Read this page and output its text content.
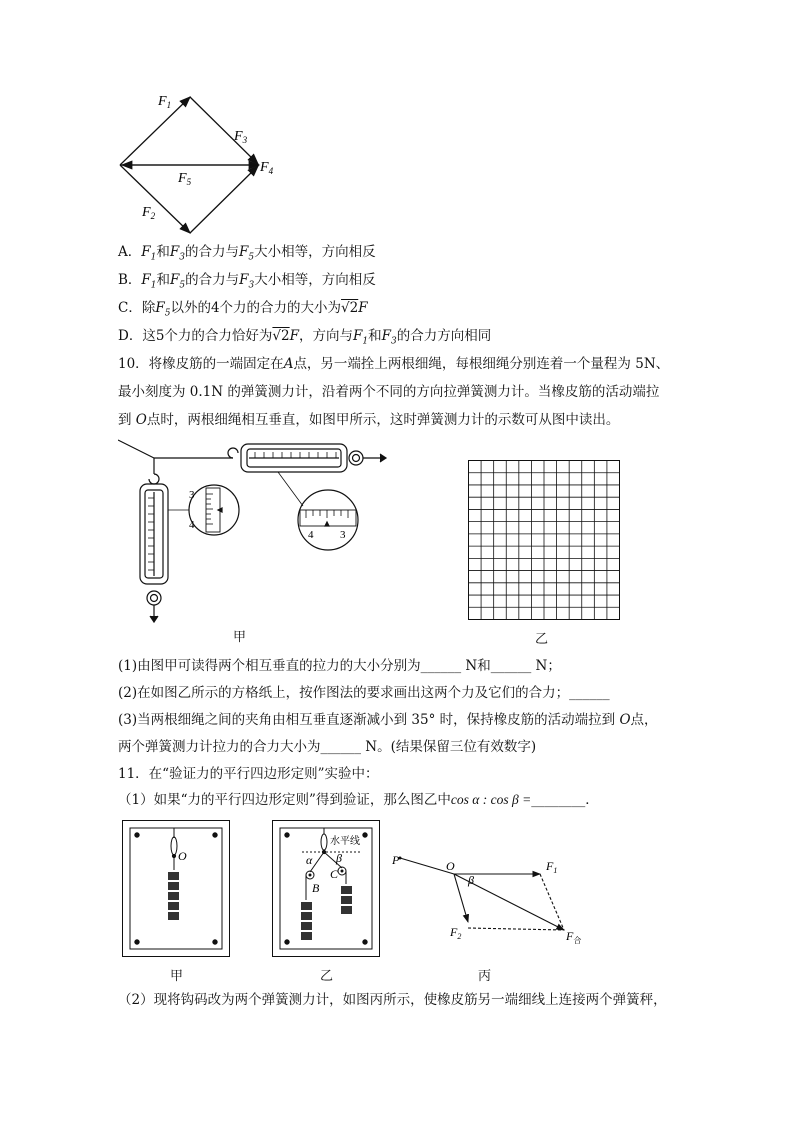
$F_1$
$F_3$
$F_4$
$F_5$
$F_2$
A．$F_1$和$F_3$的合力与$F_5$大小相等，方向相反
B．$F_1$和$F_5$的合力与$F_3$大小相等，方向相反
C．除$F_5$以外的4个力的合力的大小为√2F
D．这5个力的合力恰好为√2F，方向与$F_1$和$F_3$的合力方向相同
10．将橡皮筋的一端固定在A点，另一端拴上两根细绳，每根细绳分别连着一个量程为 5N、
最小刻度为 0.1N 的弹簧测力计，沿着两个不同的方向拉弹簧测力计。当橡皮筋的活动端拉
到 O点时，两根细绳相互垂直，如图甲所示，这时弹簧测力计的示数可从图中读出。
3
4
4 3
甲	乙
(1)由图甲可读得两个相互垂直的拉力的大小分别为______ N和______ N；
(2)在如图乙所示的方格纸上，按作图法的要求画出这两个力及它们的合力；______
(3)当两根细绳之间的夹角由相互垂直逐渐减小到 35° 时，保持橡皮筋的活动端拉到 O点，
两个弹簧测力计拉力的合力大小为______ N。(结果保留三位有效数字)
11．在“验证力的平行四边形定则”实验中：
（1）如果“力的平行四边形定则”得到验证，那么图乙中cos α : cos β =________．
O
水平线
α β
B
C
P	O
β
$F_1$
$F_2$	$F_合$
甲	乙	丙
（2）现将钩码改为两个弹簧测力计，如图丙所示，使橡皮筋另一端细线上连接两个弹簧秤，
